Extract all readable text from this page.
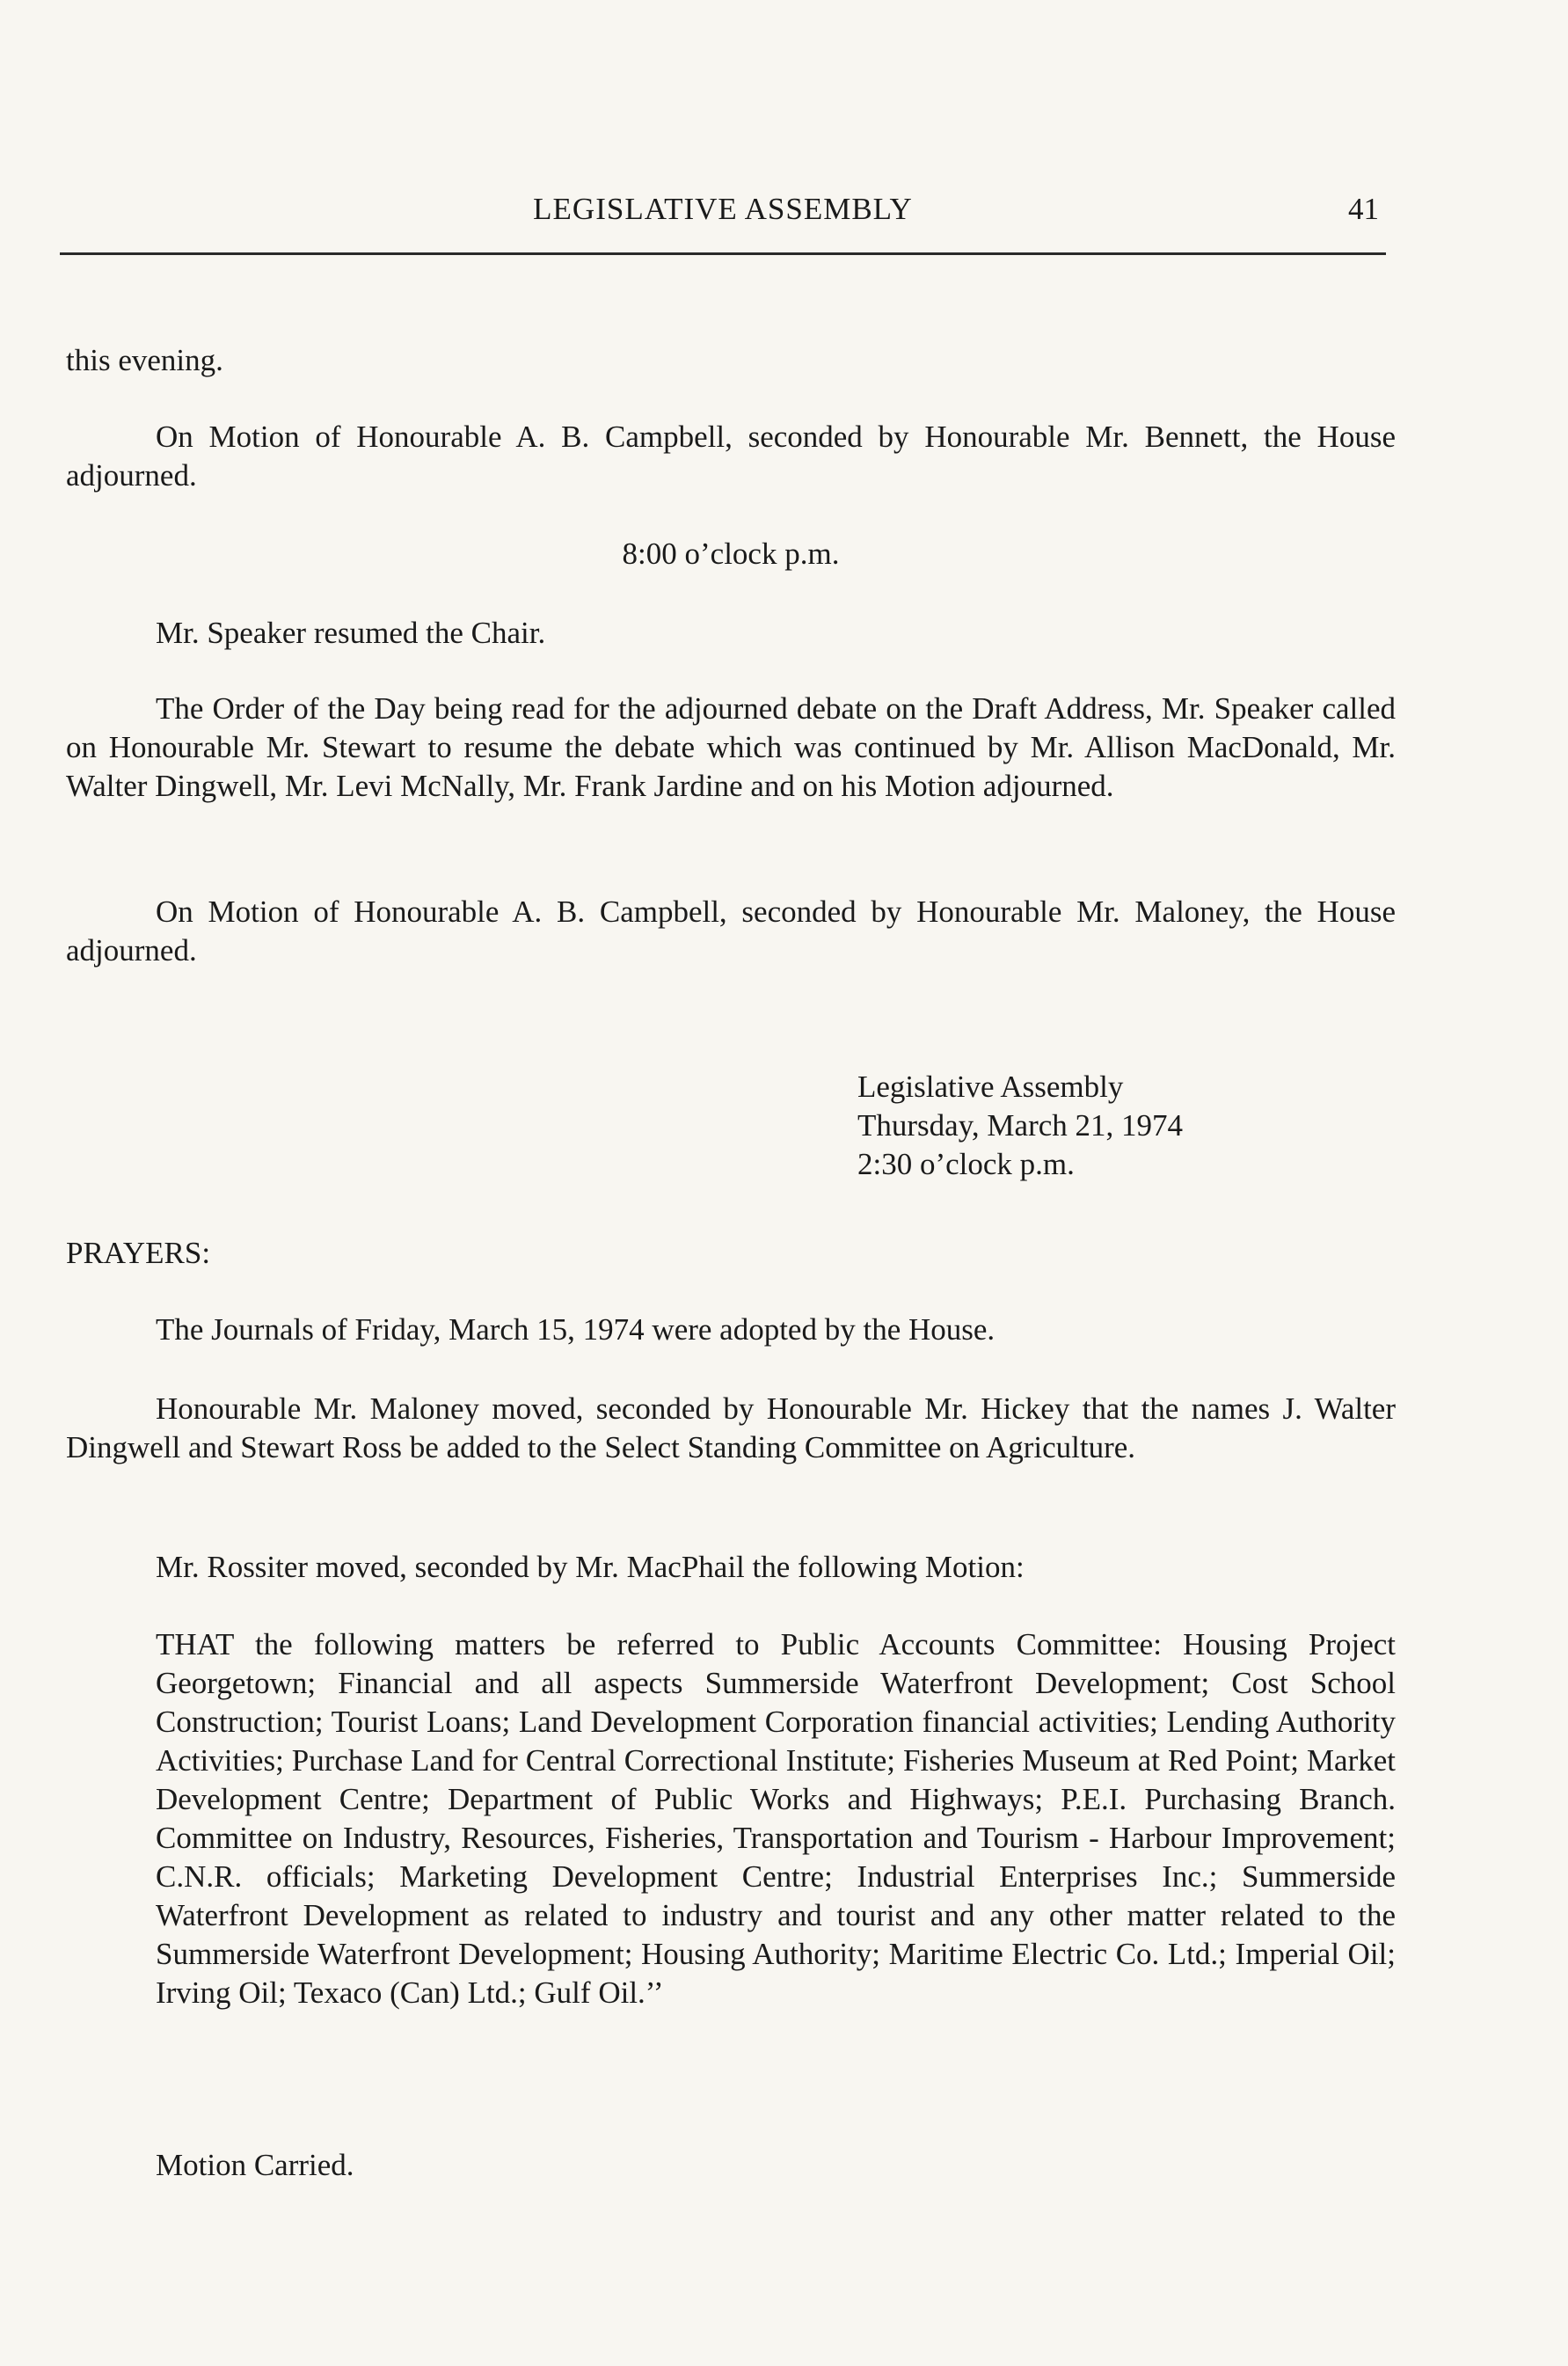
LEGISLATIVE ASSEMBLY	41

this evening.

On Motion of Honourable A. B. Campbell, seconded by Honourable Mr. Bennett, the House adjourned.

8:00 o’clock p.m.

Mr. Speaker resumed the Chair.

The Order of the Day being read for the adjourned debate on the Draft Address, Mr. Speaker called on Honourable Mr. Stewart to resume the debate which was continued by Mr. Allison MacDonald, Mr. Walter Dingwell, Mr. Levi McNally, Mr. Frank Jardine and on his Motion adjourned.

On Motion of Honourable A. B. Campbell, seconded by Honourable Mr. Maloney, the House adjourned.

Legislative Assembly
Thursday, March 21, 1974
2:30 o’clock p.m.

PRAYERS:

The Journals of Friday, March 15, 1974 were adopted by the House.

Honourable Mr. Maloney moved, seconded by Honourable Mr. Hickey that the names J. Walter Dingwell and Stewart Ross be added to the Select Standing Committee on Agriculture.

Mr. Rossiter moved, seconded by Mr. MacPhail the following Motion:

THAT the following matters be referred to Public Accounts Committee: Housing Project Georgetown; Financial and all aspects Summerside Waterfront Development; Cost School Construction; Tourist Loans; Land Development Corporation financial activities; Lending Authority Activities; Purchase Land for Central Correctional Institute; Fisheries Museum at Red Point; Market Development Centre; Department of Public Works and Highways; P.E.I. Purchasing Branch. Committee on Industry, Resources, Fisheries, Transportation and Tourism - Harbour Improvement; C.N.R. officials; Marketing Development Centre; Industrial Enterprises Inc.; Summerside Waterfront Development as related to industry and tourist and any other matter related to the Summerside Waterfront Development; Housing Authority; Maritime Electric Co. Ltd.; Imperial Oil; Irving Oil; Texaco (Can) Ltd.; Gulf Oil.’’

Motion Carried.
